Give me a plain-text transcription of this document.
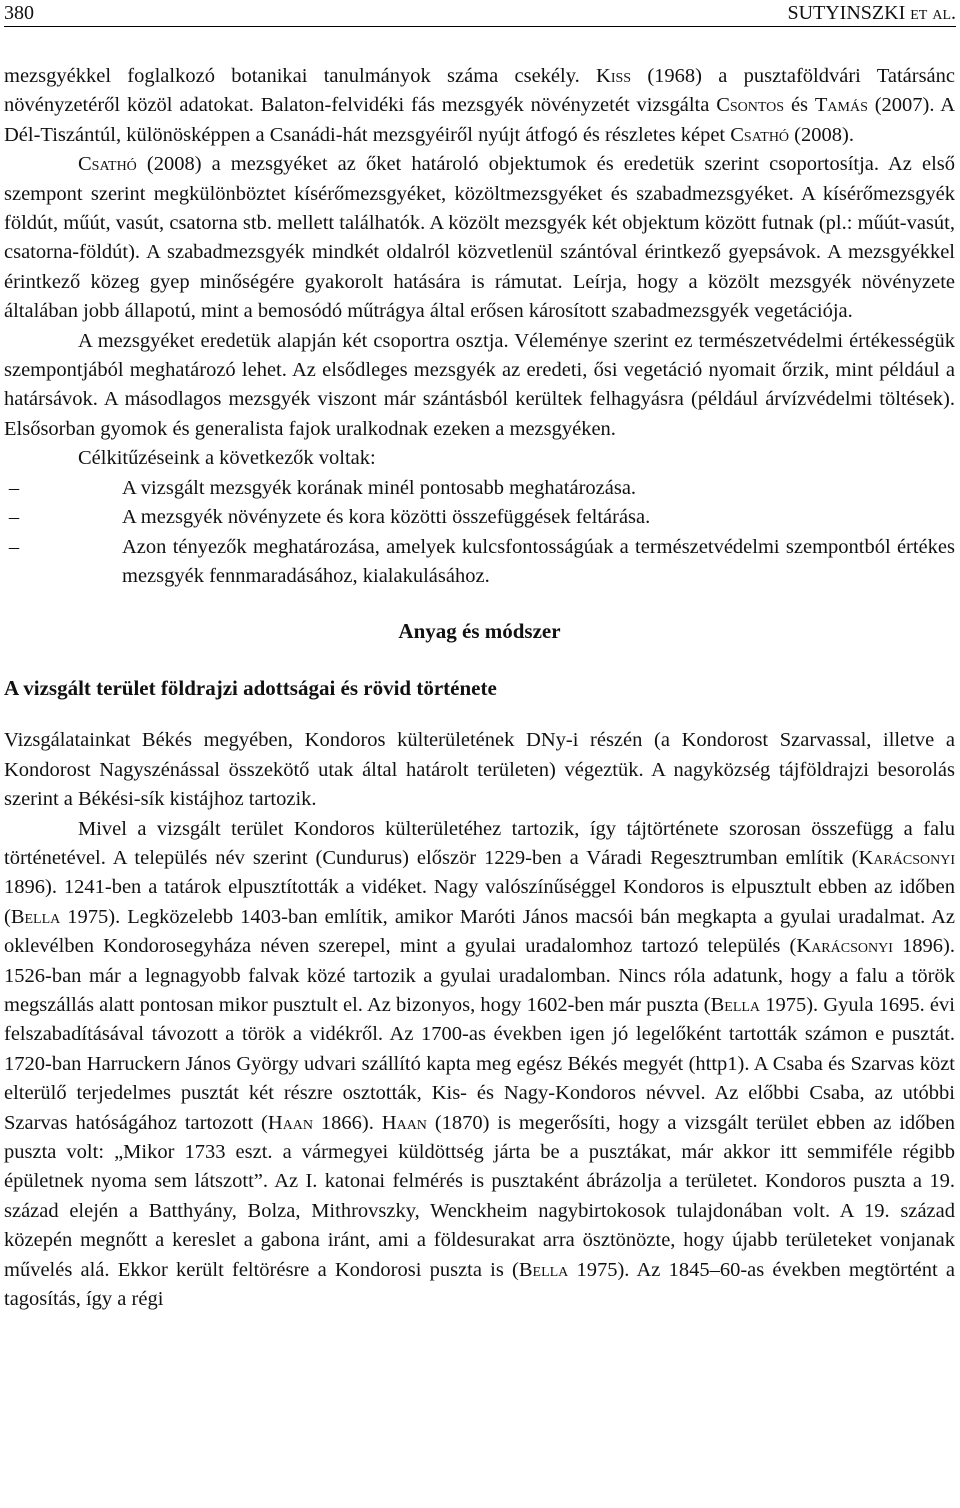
380	SUTYINSZKI et al.

mezsgyékkel foglalkozó botanikai tanulmányok száma csekély. Kiss (1968) a pusztaföldvári Tatársánc növényzetéről közöl adatokat. Balaton-felvidéki fás mezsgyék növényzetét vizsgálta Csontos és Tamás (2007). A Dél-Tiszántúl, különösképpen a Csanádi-hát mezsgyéiről nyújt átfogó és részletes képet Csathó (2008).

Csathó (2008) a mezsgyéket az őket határoló objektumok és eredetük szerint csoportosítja. Az első szempont szerint megkülönböztet kísérőmezsgyéket, közöltmezsgyéket és szabadmezsgyéket. A kísérőmezsgyék földút, műút, vasút, csatorna stb. mellett találhatók. A közölt mezsgyék két objektum között futnak (pl.: műút-vasút, csatorna-földút). A szabadmezsgyék mindkét oldalról közvetlenül szántóval érintkező gyepsávok. A mezsgyékkel érintkező közeg gyep minőségére gyakorolt hatására is rámutat. Leírja, hogy a közölt mezsgyék növényzete általában jobb állapotú, mint a bemosódó műtrágya által erősen károsított szabadmezsgyék vegetációja.

A mezsgyéket eredetük alapján két csoportra osztja. Véleménye szerint ez természetvédelmi értékességük szempontjából meghatározó lehet. Az elsődleges mezsgyék az eredeti, ősi vegetáció nyomait őrzik, mint például a határsávok. A másodlagos mezsgyék viszont már szántásból kerültek felhagyásra (például árvízvédelmi töltések). Elsősorban gyomok és generalista fajok uralkodnak ezeken a mezsgyéken.

Célkitűzéseink a következők voltak:

–	A vizsgált mezsgyék korának minél pontosabb meghatározása.
–	A mezsgyék növényzete és kora közötti összefüggések feltárása.
–	Azon tényezők meghatározása, amelyek kulcsfontosságúak a természetvédelmi szempontból értékes mezsgyék fennmaradásához, kialakulásához.
Anyag és módszer
A vizsgált terület földrajzi adottságai és rövid története

Vizsgálatainkat Békés megyében, Kondoros külterületének DNy-i részén (a Kondorost Szarvassal, illetve a Kondorost Nagyszénással összekötő utak által határolt területen) végeztük. A nagyközség tájföldrajzi besorolás szerint a Békési-sík kistájhoz tartozik.

Mivel a vizsgált terület Kondoros külterületéhez tartozik, így tájtörténete szorosan összefügg a falu történetével. A település név szerint (Cundurus) először 1229-ben a Váradi Regesztrumban említik (Karácsonyi 1896). 1241-ben a tatárok elpusztították a vidéket. Nagy valószínűséggel Kondoros is elpusztult ebben az időben (Bella 1975). Legközelebb 1403-ban említik, amikor Maróti János macsói bán megkapta a gyulai uradalmat. Az oklevélben Kondorosegyháza néven szerepel, mint a gyulai uradalomhoz tartozó település (Karácsonyi 1896). 1526-ban már a legnagyobb falvak közé tartozik a gyulai uradalomban. Nincs róla adatunk, hogy a falu a török megszállás alatt pontosan mikor pusztult el. Az bizonyos, hogy 1602-ben már puszta (Bella 1975). Gyula 1695. évi felszabadításával távozott a török a vidékről. Az 1700-as években igen jó legelőként tartották számon e pusztát. 1720-ban Harruckern János György udvari szállító kapta meg egész Békés megyét (http1). A Csaba és Szarvas közt elterülő terjedelmes pusztát két részre osztották, Kis- és Nagy-Kondoros névvel. Az előbbi Csaba, az utóbbi Szarvas hatóságához tartozott (Haan 1866). Haan (1870) is megerősíti, hogy a vizsgált terület ebben az időben puszta volt: „Mikor 1733 eszt. a vármegyei küldöttség járta be a pusztákat, már akkor itt semmiféle régibb épületnek nyoma sem látszott”. Az I. katonai felmérés is pusztaként ábrázolja a területet. Kondoros puszta a 19. század elején a Batthyány, Bolza, Mithrovszky, Wenckheim nagybirtokosok tulajdonában volt. A 19. század közepén megnőtt a kereslet a gabona iránt, ami a földesurakat arra ösztönözte, hogy újabb területeket vonjanak művelés alá. Ekkor került feltörésre a Kondorosi puszta is (Bella 1975). Az 1845–60-as években megtörtént a tagosítás, így a régi
